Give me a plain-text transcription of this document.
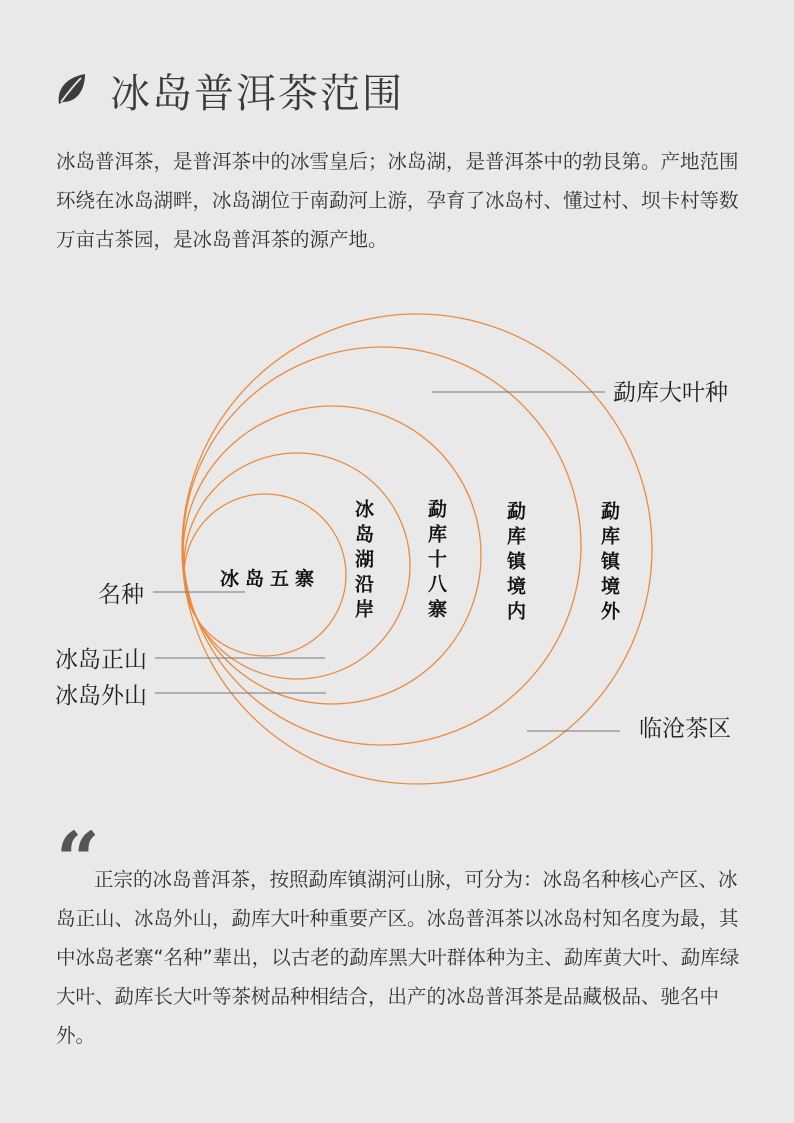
冰岛普洱茶范围

冰岛普洱茶，是普洱茶中的冰雪皇后；冰岛湖，是普洱茶中的勃艮第。产地范围环绕在冰岛湖畔，冰岛湖位于南勐河上游，孕育了冰岛村、懂过村、坝卡村等数万亩古茶园，是冰岛普洱茶的源产地。

冰岛五寨 冰岛湖沿岸	勐库十八寨	勐库镇境内	勐库镇境外
勐库大叶种
名种
冰岛正山
冰岛外山
临沧茶区
“

正宗的冰岛普洱茶，按照勐库镇湖河山脉，可分为：冰岛名种核心产区、冰岛正山、冰岛外山，勐库大叶种重要产区。冰岛普洱茶以冰岛村知名度为最，其中冰岛老寨“名种”辈出，以古老的勐库黑大叶群体种为主、勐库黄大叶、勐库绿大叶、勐库长大叶等茶树品种相结合，出产的冰岛普洱茶是品藏极品、驰名中外。
